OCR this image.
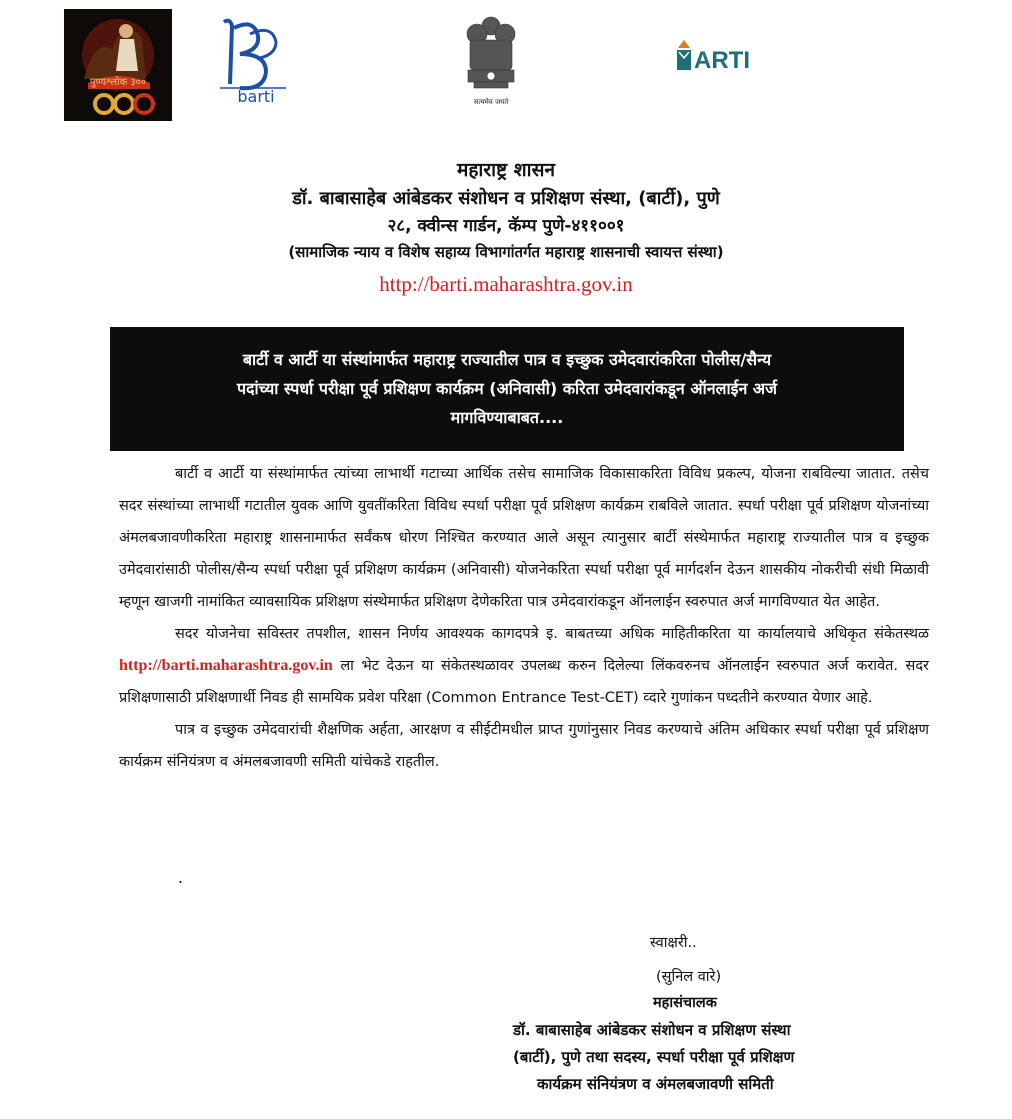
पुण्यश्लोक ३००
barti	सत्यमेव जयते
ARTI
महाराष्ट्र शासन
डॉ. बाबासाहेब आंबेडकर संशोधन व प्रशिक्षण संस्था, (बार्टी), पुणे
२८, क्वीन्स गार्डन, कॅम्प पुणे-४११००१
(सामाजिक न्याय व विशेष सहाय्य विभागांतर्गत महाराष्ट्र शासनाची स्वायत्त संस्था)
http://barti.maharashtra.gov.in
बार्टी व आर्टी या संस्थांमार्फत महाराष्ट्र राज्यातील पात्र व इच्छुक उमेदवारांकरिता पोलीस/सैन्य
पदांच्या स्पर्धा परीक्षा पूर्व प्रशिक्षण कार्यक्रम (अनिवासी) करिता उमेदवारांकडून ऑनलाईन अर्ज
मागविण्याबाबत....

बार्टी व आर्टी या संस्थांमार्फत त्यांच्या लाभार्थी गटाच्या आर्थिक तसेच सामाजिक विकासाकरिता विविध प्रकल्प, योजना राबविल्या जातात. तसेच सदर संस्थांच्या लाभार्थी गटातील युवक आणि युवतींकरिता विविध स्पर्धा परीक्षा पूर्व प्रशिक्षण कार्यक्रम राबविले जातात. स्पर्धा परीक्षा पूर्व प्रशिक्षण योजनांच्या अंमलबजावणीकरिता महाराष्ट्र शासनामार्फत सर्वंकष धोरण निश्चित करण्यात आले असून त्यानुसार बार्टी संस्थेमार्फत महाराष्ट्र राज्यातील पात्र व इच्छुक उमेदवारांसाठी पोलीस/सैन्य स्पर्धा परीक्षा पूर्व प्रशिक्षण कार्यक्रम (अनिवासी) योजनेकरिता स्पर्धा परीक्षा पूर्व मार्गदर्शन देऊन शासकीय नोकरीची संधी मिळावी म्हणून खाजगी नामांकित व्यावसायिक प्रशिक्षण संस्थेमार्फत प्रशिक्षण देणेकरिता पात्र उमेदवारांकडून ऑनलाईन स्वरुपात अर्ज मागविण्यात येत आहेत.

सदर योजनेचा सविस्तर तपशील, शासन निर्णय आवश्यक कागदपत्रे इ. बाबतच्या अधिक माहितीकरिता या कार्यालयाचे अधिकृत संकेतस्थळ http://barti.maharashtra.gov.in ला भेट देऊन या संकेतस्थळावर उपलब्ध करुन दिलेल्या लिंकवरुनच ऑनलाईन स्वरुपात अर्ज करावेत. सदर प्रशिक्षणासाठी प्रशिक्षणार्थी निवड ही सामयिक प्रवेश परिक्षा (Common Entrance Test-CET) व्दारे गुणांकन पध्दतीने करण्यात येणार आहे.

पात्र व इच्छुक उमेदवारांची शैक्षणिक अर्हता, आरक्षण व सीईटीमधील प्राप्त गुणांनुसार निवड करण्याचे अंतिम अधिकार स्पर्धा परीक्षा पूर्व प्रशिक्षण कार्यक्रम संनियंत्रण व अंमलबजावणी समिती यांचेकडे राहतील.

.
स्वाक्षरी..
(सुनिल वारे)
महासंचालक
डॉ. बाबासाहेब आंबेडकर संशोधन व प्रशिक्षण संस्था
(बार्टी), पुणे तथा सदस्य, स्पर्धा परीक्षा पूर्व प्रशिक्षण
कार्यक्रम संनियंत्रण व अंमलबजावणी समिती
